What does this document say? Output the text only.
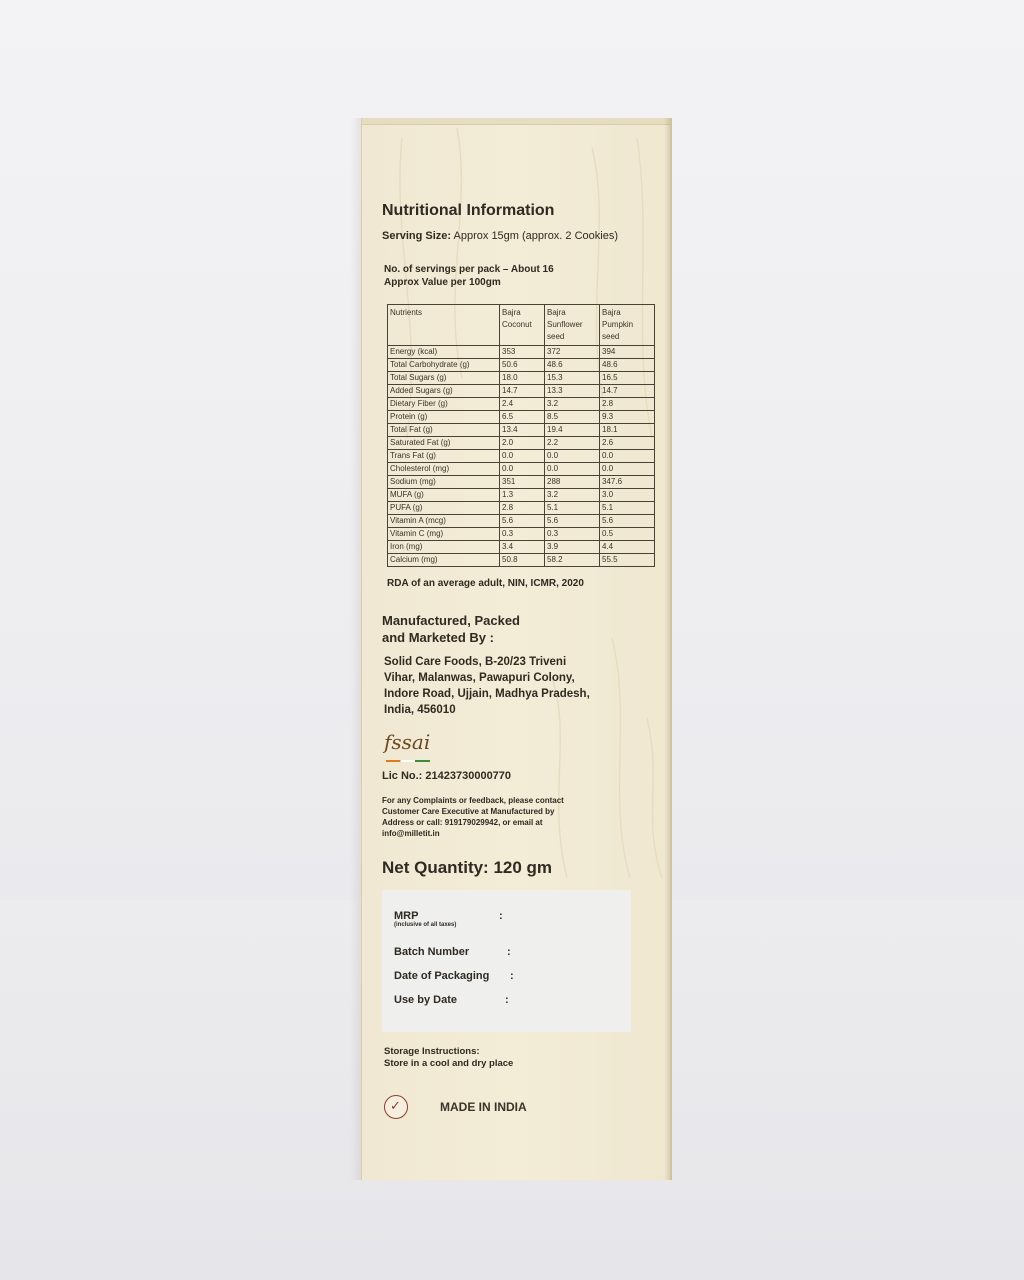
Nutritional Information
Serving Size: Approx 15gm (approx. 2 Cookies)
No. of servings per pack – About 16
Approx Value per 100gm
Nutrients	Bajra Coconut	Bajra Sunflower seed	Bajra Pumpkin seed
Energy (kcal)	353	372	394
Total Carbohydrate (g)	50.6	48.6	48.6
Total Sugars (g)	18.0	15.3	16.5
Added Sugars (g)	14.7	13.3	14.7
Dietary Fiber (g)	2.4	3.2	2.8
Protein (g)	6.5	8.5	9.3
Total Fat (g)	13.4	19.4	18.1
Saturated Fat (g)	2.0	2.2	2.6
Trans Fat (g)	0.0	0.0	0.0
Cholesterol (mg)	0.0	0.0	0.0
Sodium (mg)	351	288	347.6
MUFA (g)	1.3	3.2	3.0
PUFA (g)	2.8	5.1	5.1
Vitamin A (mcg)	5.6	5.6	5.6
Vitamin C (mg)	0.3	0.3	0.5
Iron (mg)	3.4	3.9	4.4
Calcium (mg)	50.8	58.2	55.5
RDA of an average adult, NIN, ICMR, 2020
Manufactured, Packed
and Marketed By :
Solid Care Foods, B-20/23 Triveni
Vihar, Malanwas, Pawapuri Colony,
Indore Road, Ujjain, Madhya Pradesh,
India, 456010
fssai
Lic No.: 21423730000770
For any Complaints or feedback, please contact
Customer Care Executive at Manufactured by
Address or call: 919179029942, or email at
info@milletit.in
Net Quantity: 120 gm
MRP
(inclusive of all taxes)
:
Batch Number	:
Date of Packaging :
Use by Date	:
Storage Instructions:
Store in a cool and dry place
✓	MADE IN INDIA
